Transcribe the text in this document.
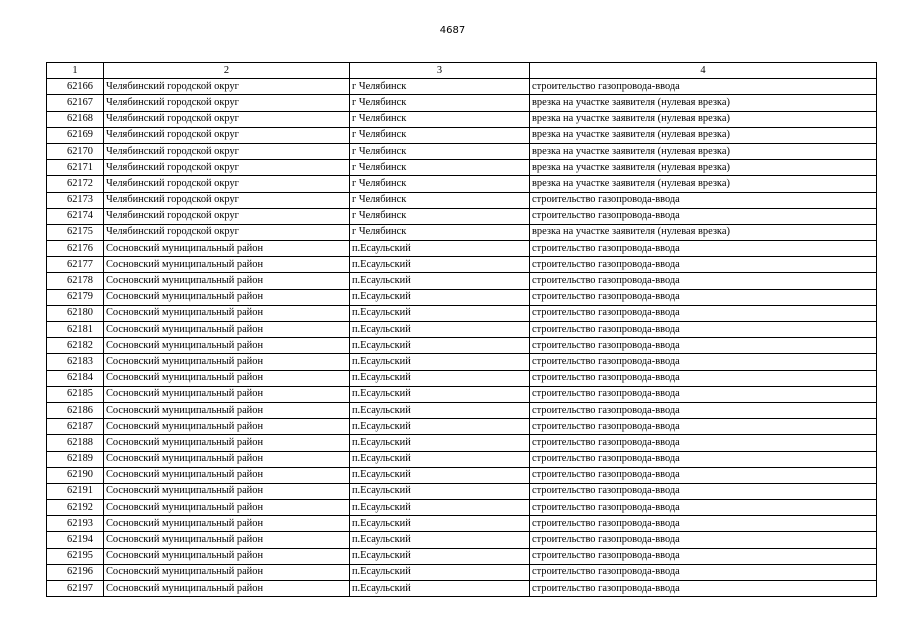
4687
1	2	3	4
62166	Челябинский городской округ	г Челябинск	строительство газопровода-ввода
62167	Челябинский городской округ	г Челябинск	врезка на участке заявителя (нулевая врезка)
62168	Челябинский городской округ	г Челябинск	врезка на участке заявителя (нулевая врезка)
62169	Челябинский городской округ	г Челябинск	врезка на участке заявителя (нулевая врезка)
62170	Челябинский городской округ	г Челябинск	врезка на участке заявителя (нулевая врезка)
62171	Челябинский городской округ	г Челябинск	врезка на участке заявителя (нулевая врезка)
62172	Челябинский городской округ	г Челябинск	врезка на участке заявителя (нулевая врезка)
62173	Челябинский городской округ	г Челябинск	строительство газопровода-ввода
62174	Челябинский городской округ	г Челябинск	строительство газопровода-ввода
62175	Челябинский городской округ	г Челябинск	врезка на участке заявителя (нулевая врезка)
62176	Сосновский муниципальный район	п.Есаульский	строительство газопровода-ввода
62177	Сосновский муниципальный район	п.Есаульский	строительство газопровода-ввода
62178	Сосновский муниципальный район	п.Есаульский	строительство газопровода-ввода
62179	Сосновский муниципальный район	п.Есаульский	строительство газопровода-ввода
62180	Сосновский муниципальный район	п.Есаульский	строительство газопровода-ввода
62181	Сосновский муниципальный район	п.Есаульский	строительство газопровода-ввода
62182	Сосновский муниципальный район	п.Есаульский	строительство газопровода-ввода
62183	Сосновский муниципальный район	п.Есаульский	строительство газопровода-ввода
62184	Сосновский муниципальный район	п.Есаульский	строительство газопровода-ввода
62185	Сосновский муниципальный район	п.Есаульский	строительство газопровода-ввода
62186	Сосновский муниципальный район	п.Есаульский	строительство газопровода-ввода
62187	Сосновский муниципальный район	п.Есаульский	строительство газопровода-ввода
62188	Сосновский муниципальный район	п.Есаульский	строительство газопровода-ввода
62189	Сосновский муниципальный район	п.Есаульский	строительство газопровода-ввода
62190	Сосновский муниципальный район	п.Есаульский	строительство газопровода-ввода
62191	Сосновский муниципальный район	п.Есаульский	строительство газопровода-ввода
62192	Сосновский муниципальный район	п.Есаульский	строительство газопровода-ввода
62193	Сосновский муниципальный район	п.Есаульский	строительство газопровода-ввода
62194	Сосновский муниципальный район	п.Есаульский	строительство газопровода-ввода
62195	Сосновский муниципальный район	п.Есаульский	строительство газопровода-ввода
62196	Сосновский муниципальный район	п.Есаульский	строительство газопровода-ввода
62197	Сосновский муниципальный район	п.Есаульский	строительство газопровода-ввода
